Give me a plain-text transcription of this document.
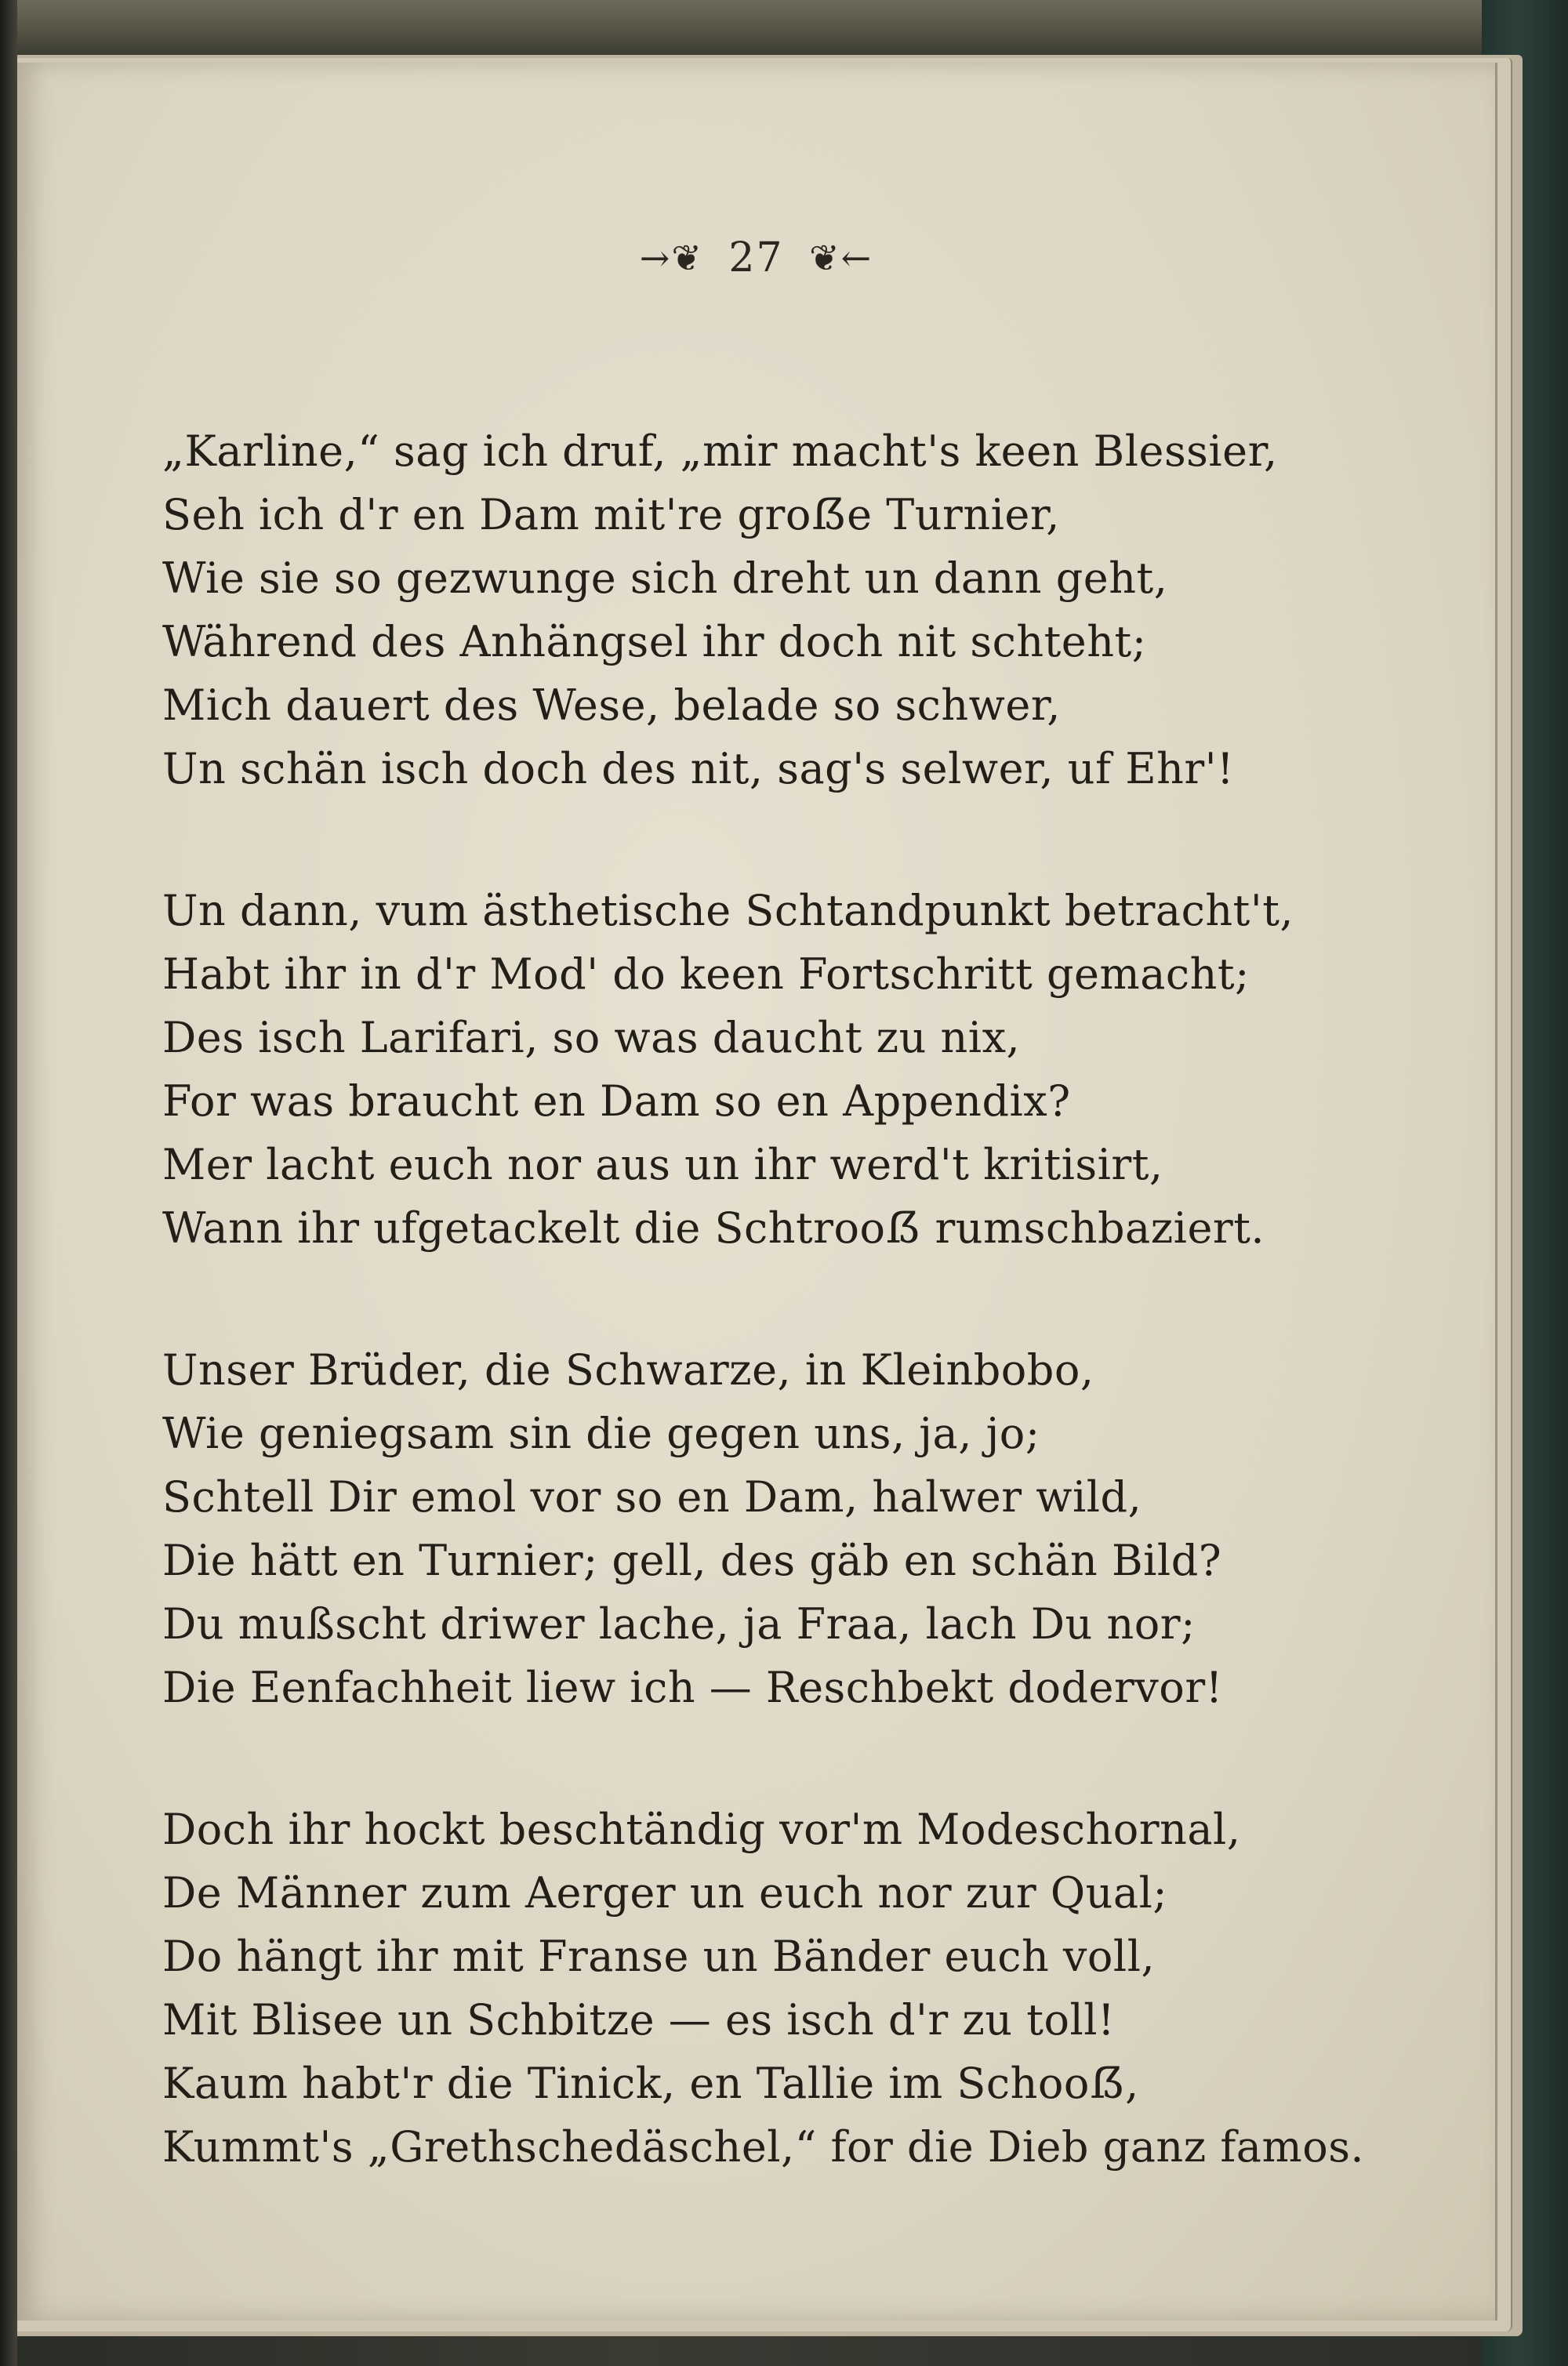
→❦ 27 ❦←
„Karline,“ sag ich druf, „mir macht's keen Blessier,
Seh ich d'r en Dam mit're groẞe Turnier,
Wie sie so gezwunge sich dreht un dann geht,
Während des Anhängsel ihr doch nit schteht;
Mich dauert des Wese, belade so schwer,
Un schän isch doch des nit, sag's selwer, uf Ehr'!
Un dann, vum ästhetische Schtandpunkt betracht't,
Habt ihr in d'r Mod' do keen Fortschritt gemacht;
Des isch Larifari, so was daucht zu nix,
For was braucht en Dam so en Appendix?
Mer lacht euch nor aus un ihr werd't kritisirt,
Wann ihr ufgetackelt die Schtrooẞ rumschbaziert.
Unser Brüder, die Schwarze, in Kleinbobo,
Wie geniegsam sin die gegen uns, ja, jo;
Schtell Dir emol vor so en Dam, halwer wild,
Die hätt en Turnier; gell, des gäb en schän Bild?
Du mußscht driwer lache, ja Fraa, lach Du nor;
Die Eenfachheit liew ich — Reschbekt dodervor!
Doch ihr hockt beschtändig vor'm Modeschornal,
De Männer zum Aerger un euch nor zur Qual;
Do hängt ihr mit Franse un Bänder euch voll,
Mit Blisee un Schbitze — es isch d'r zu toll!
Kaum habt'r die Tinick, en Tallie im Schooẞ,
Kummt's „Grethschedäschel,“ for die Dieb ganz famos.
